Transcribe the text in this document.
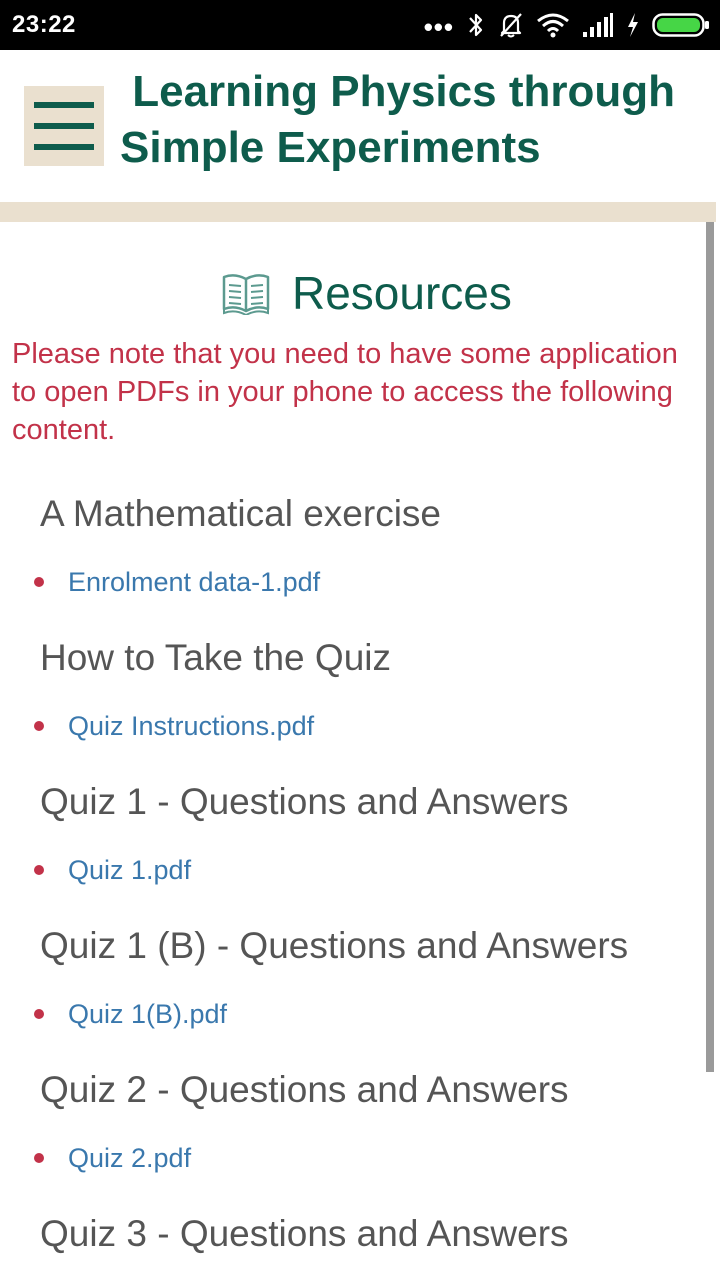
23:22	•••
Learning Physics through
Simple Experiments
Resources
Please note that you need to have some application to open PDFs in your phone to access the following content.
A Mathematical exercise
Enrolment data-1.pdf
How to Take the Quiz
Quiz Instructions.pdf
Quiz 1 - Questions and Answers
Quiz 1.pdf
Quiz 1 (B) - Questions and Answers
Quiz 1(B).pdf
Quiz 2 - Questions and Answers
Quiz 2.pdf
Quiz 3 - Questions and Answers
